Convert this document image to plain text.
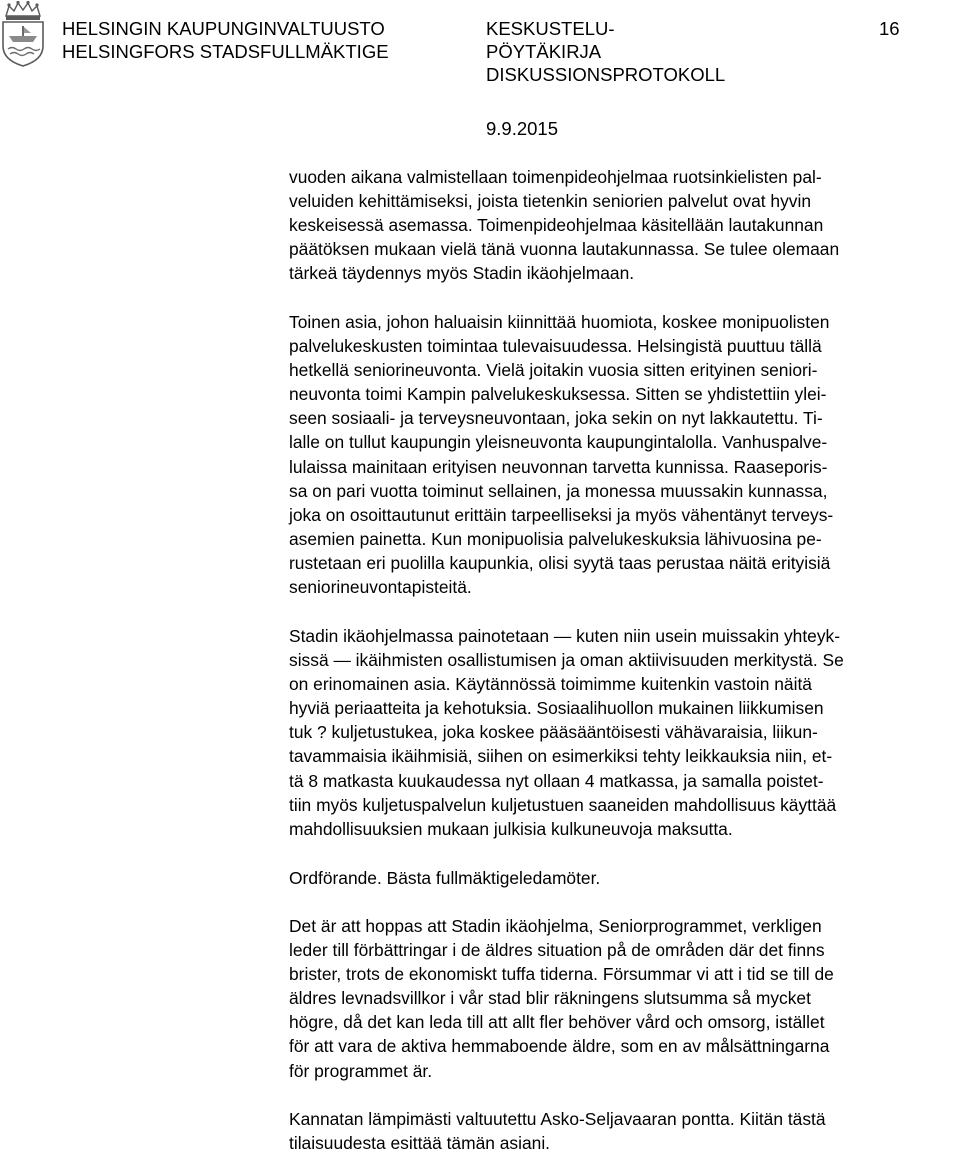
HELSINGIN KAUPUNGINVALTUUSTO
HELSINGFORS STADSFULLMÄKTIGE
KESKUSTELU-
PÖYTÄKIRJA
DISKUSSIONSPROTOKOLL
16
9.9.2015
vuoden aikana valmistellaan toimenpideohjelmaa ruotsinkielisten pal-
veluiden kehittämiseksi, joista tietenkin seniorien palvelut ovat hyvin
keskeisessä asemassa. Toimenpideohjelmaa käsitellään lautakunnan
päätöksen mukaan vielä tänä vuonna lautakunnassa. Se tulee olemaan
tärkeä täydennys myös Stadin ikäohjelmaan.
Toinen asia, johon haluaisin kiinnittää huomiota, koskee monipuolisten
palvelukeskusten toimintaa tulevaisuudessa. Helsingistä puuttuu tällä
hetkellä seniorineuvonta. Vielä joitakin vuosia sitten erityinen seniori-
neuvonta toimi Kampin palvelukeskuksessa. Sitten se yhdistettiin ylei-
seen sosiaali- ja terveysneuvontaan, joka sekin on nyt lakkautettu. Ti-
lalle on tullut kaupungin yleisneuvonta kaupungintalolla. Vanhuspalve-
lulaissa mainitaan erityisen neuvonnan tarvetta kunnissa. Raaseporis-
sa on pari vuotta toiminut sellainen, ja monessa muussakin kunnassa,
joka on osoittautunut erittäin tarpeelliseksi ja myös vähentänyt terveys-
asemien painetta. Kun monipuolisia palvelukeskuksia lähivuosina pe-
rustetaan eri puolilla kaupunkia, olisi syytä taas perustaa näitä erityisiä
seniorineuvontapisteitä.
Stadin ikäohjelmassa painotetaan — kuten niin usein muissakin yhteyk-
sissä — ikäihmisten osallistumisen ja oman aktiivisuuden merkitystä. Se
on erinomainen asia. Käytännössä toimimme kuitenkin vastoin näitä
hyviä periaatteita ja kehotuksia. Sosiaalihuollon mukainen liikkumisen
tuk ? kuljetustukea, joka koskee pääsääntöisesti vähävaraisia, liikun-
tavammaisia ikäihmisiä, siihen on esimerkiksi tehty leikkauksia niin, et-
tä 8 matkasta kuukaudessa nyt ollaan 4 matkassa, ja samalla poistet-
tiin myös kuljetuspalvelun kuljetustuen saaneiden mahdollisuus käyttää
mahdollisuuksien mukaan julkisia kulkuneuvoja maksutta.
Ordförande. Bästa fullmäktigeledamöter.
Det är att hoppas att Stadin ikäohjelma, Seniorprogrammet, verkligen
leder till förbättringar i de äldres situation på de områden där det finns
brister, trots de ekonomiskt tuffa tiderna. Försummar vi att i tid se till de
äldres levnadsvillkor i vår stad blir räkningens slutsumma så mycket
högre, då det kan leda till att allt fler behöver vård och omsorg, istället
för att vara de aktiva hemmaboende äldre, som en av målsättningarna
för programmet är.
Kannatan lämpimästi valtuutettu Asko-Seljavaaran pontta. Kiitän tästä
tilaisuudesta esittää tämän asiani.
